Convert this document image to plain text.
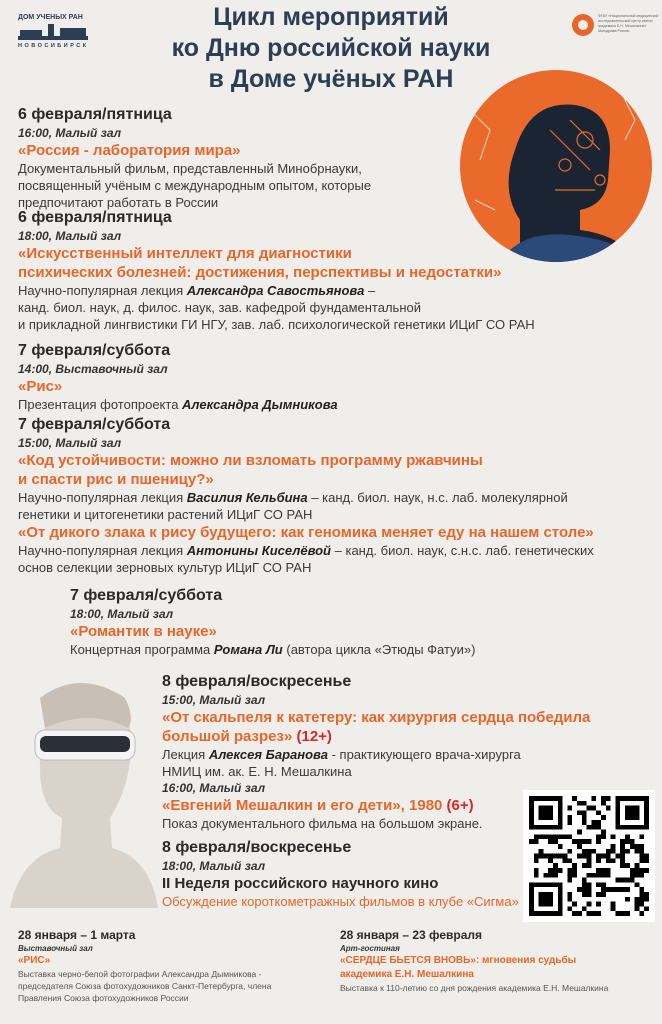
ДОМ УЧЕНЫХ РАН
НОВОСИБИРСК
ФГБУ «Национальный медицинский исследовательский центр имени академика Е.Н. Мешалкина» Минздрава России
Цикл мероприятий
ко Дню российской науки
в Доме учёных РАН
6 февраля/пятница
16:00, Малый зал
«Россия - лаборатория мира»
Документальный фильм, представленный Минобрнауки,
посвященный учёным с международным опытом, которые
предпочитают работать в России
6 февраля/пятница
18:00, Малый зал
«Искусственный интеллект для диагностики
психических болезней: достижения, перспективы и недостатки»
Научно-популярная лекция Александра Савостьянова –
канд. биол. наук, д. филос. наук, зав. кафедрой фундаментальной
и прикладной лингвистики ГИ НГУ, зав. лаб. психологической генетики ИЦиГ СО РАН
7 февраля/суббота
14:00, Выставочный зал
«Рис»
Презентация фотопроекта Александра Дымникова
7 февраля/суббота
15:00, Малый зал
«Код устойчивости: можно ли взломать программу ржавчины
и спасти рис и пшеницу?»
Научно-популярная лекция Василия Кельбина – канд. биол. наук, н.с. лаб. молекулярной
генетики и цитогенетики растений ИЦиГ СО РАН
«От дикого злака к рису будущего: как геномика меняет еду на нашем столе»
Научно-популярная лекция Антонины Киселёвой – канд. биол. наук, с.н.с. лаб. генетических
основ селекции зерновых культур ИЦиГ СО РАН
7 февраля/суббота
18:00, Малый зал
«Романтик в науке»
Концертная программа Романа Ли (автора цикла «Этюды Фатуи»)
8 февраля/воскресенье
15:00, Малый зал
«От скальпеля к катетеру: как хирургия сердца победила
большой разрез» (12+)
Лекция Алексея Баранова - практикующего врача-хирурга
НМИЦ им. ак. Е. Н. Мешалкина
16:00, Малый зал
«Евгений Мешалкин и его дети», 1980 (6+)
Показ документального фильма на большом экране.
8 февраля/воскресенье
18:00, Малый зал
II Неделя российского научного кино
Обсуждение короткометражных фильмов в клубе «Сигма»
28 января – 1 марта
Выставочный зал
«РИС»
Выставка черно-белой фотографии Александра Дымникова -
председателя Союза фотохудожников Санкт-Петербурга, члена
Правления Союза фотохудожников России
28 января – 23 февраля
Арт-гостиная
«СЕРДЦЕ БЬЕТСЯ ВНОВЬ»: мгновения судьбы
академика Е.Н. Мешалкина
Выставка к 110-летию со дня рождения академика Е.Н. Мешалкина
